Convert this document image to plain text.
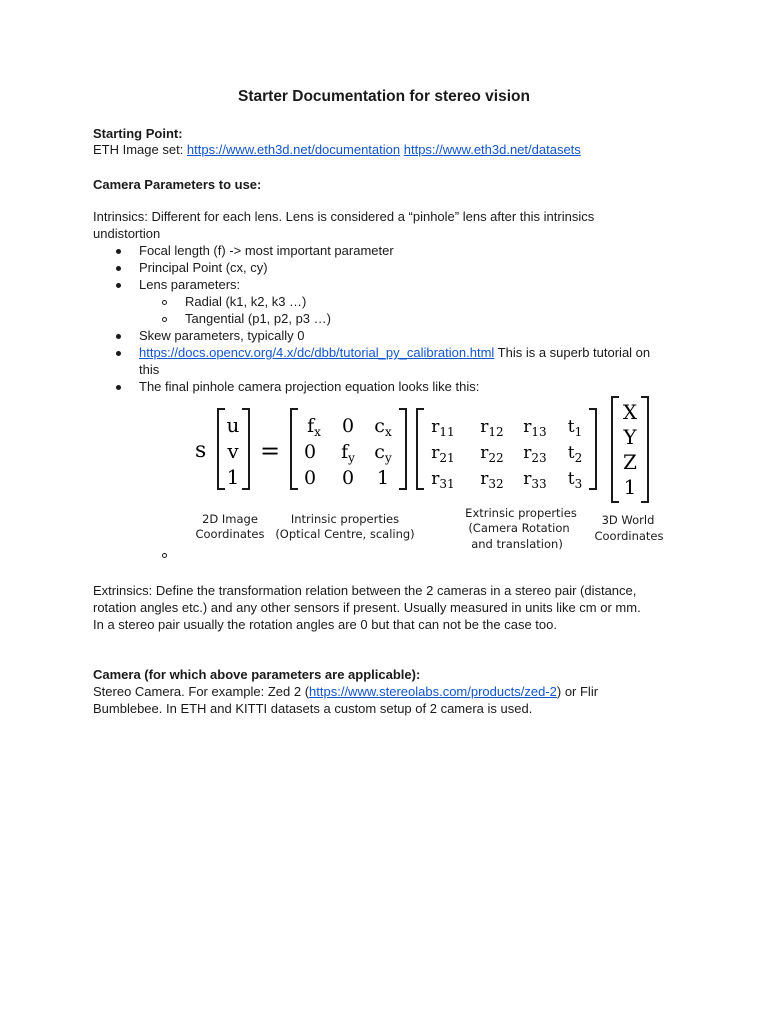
Starter Documentation for stereo vision
Starting Point:
ETH Image set: https://www.eth3d.net/documentation https://www.eth3d.net/datasets
Camera Parameters to use:
Intrinsics: Different for each lens. Lens is considered a “pinhole” lens after this intrinsics
undistortion
Focal length (f) -> most important parameter
Principal Point (cx, cy)
Lens parameters:
Radial (k1, k2, k3 …)
Tangential (p1, p2, p3 …)
Skew parameters, typically 0
https://docs.opencv.org/4.x/dc/dbb/tutorial_py_calibration.html This is a superb tutorial on
this
The final pinhole camera projection equation looks like this:
s =
u
v
1
$f_x$ 0 $c_x$
0 $f_y$ $c_y$
0 0 1
$r_{11}$ $r_{12}$ $r_{13}$ $t_1$
$r_{21}$ $r_{22}$ $r_{23}$ $t_2$
$r_{31}$ $r_{32}$ $r_{33}$ $t_3$
X
Y
Z
1
2D Image
Coordinates
Intrinsic properties
(Optical Centre, scaling)
Extrinsic properties
(Camera Rotation
and translation)
3D World
Coordinates
Extrinsics: Define the transformation relation between the 2 cameras in a stereo pair (distance,
rotation angles etc.) and any other sensors if present. Usually measured in units like cm or mm.
In a stereo pair usually the rotation angles are 0 but that can not be the case too.
Camera (for which above parameters are applicable):
Stereo Camera. For example: Zed 2 (https://www.stereolabs.com/products/zed-2) or Flir
Bumblebee. In ETH and KITTI datasets a custom setup of 2 camera is used.
